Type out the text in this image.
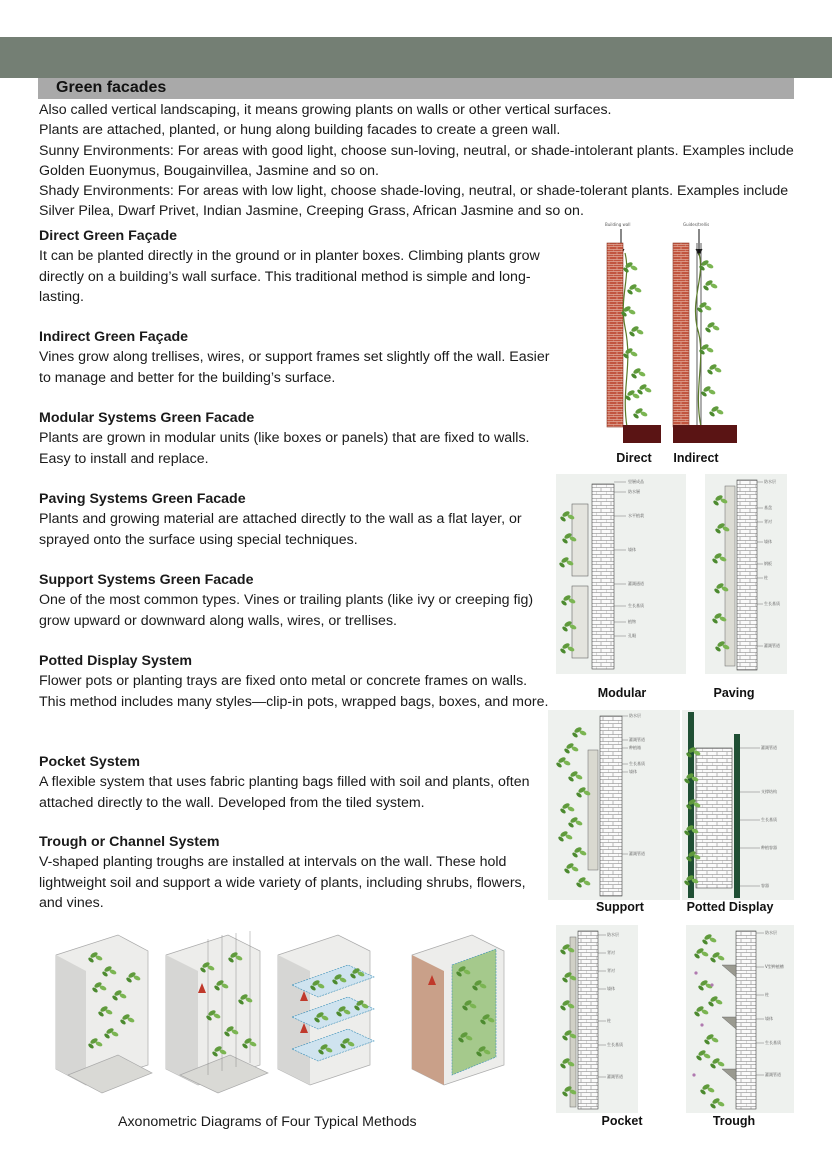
Green facades

Also called vertical landscaping, it means growing plants on walls or other vertical surfaces.

Plants are attached, planted, or hung along building facades to create a green wall.

Sunny Environments: For areas with good light, choose sun-loving, neutral, or shade-intolerant plants. Examples include Golden Euonymus, Bougainvillea, Jasmine and so on.

Shady Environments: For areas with low light, choose shade-loving, neutral, or shade-tolerant plants. Examples include Silver Pilea, Dwarf Privet, Indian Jasmine, Creeping Grass, African Jasmine and so on.

Direct Green Façade

It can be planted directly in the ground or in planter boxes. Climbing plants grow directly on a building’s wall surface. This traditional method is simple and long-lasting.

Indirect Green Façade

Vines grow along trellises, wires, or support frames set slightly off the wall. Easier to manage and better for the building’s surface.

Modular Systems Green Facade

Plants are grown in modular units (like boxes or panels) that are fixed to walls. Easy to install and replace.

Paving Systems Green Facade

Plants and growing material are attached directly to the wall as a flat layer, or sprayed onto the surface using special techniques.

Support Systems Green Facade

One of the most common types. Vines or trailing plants (like ivy or creeping fig) grow upward or downward along walls, wires, or trellises.

Potted Display System

Flower pots or planting trays are fixed onto metal or concrete frames on walls. This method includes many styles—clip-in pots, wrapped bags, boxes, and more.

Pocket System

A flexible system that uses fabric planting bags filled with soil and plants, often attached directly to the wall. Developed from the tiled system.

Trough or Channel System

V-shaped planting troughs are installed at intervals on the wall. These hold lightweight soil and support a wide variety of plants, including shrubs, flowers, and vines.

Building wall	Guides/trellis
Direct	Indirect
里層成品
防水層
水平植栽
墙体
灌溉通道
生长基质
植物
孔眼
Modular
防水层
基盘
背衬
墙体
钢板
柱
生长基质
灌溉管道
Paving
防水层
灌溉管道
种植箱
生长基质
墙体
灌溉管道
Support
灌溉管道
支撑结构
生长基质
种植容器
容器
Potted Display
防水层
背衬
背衬
墙体
柱
生长基质
灌溉管道
Pocket
防水层
V型种植槽
柱
墙体
生长基质
灌溉管道
Trough
Axonometric Diagrams of Four Typical Methods
